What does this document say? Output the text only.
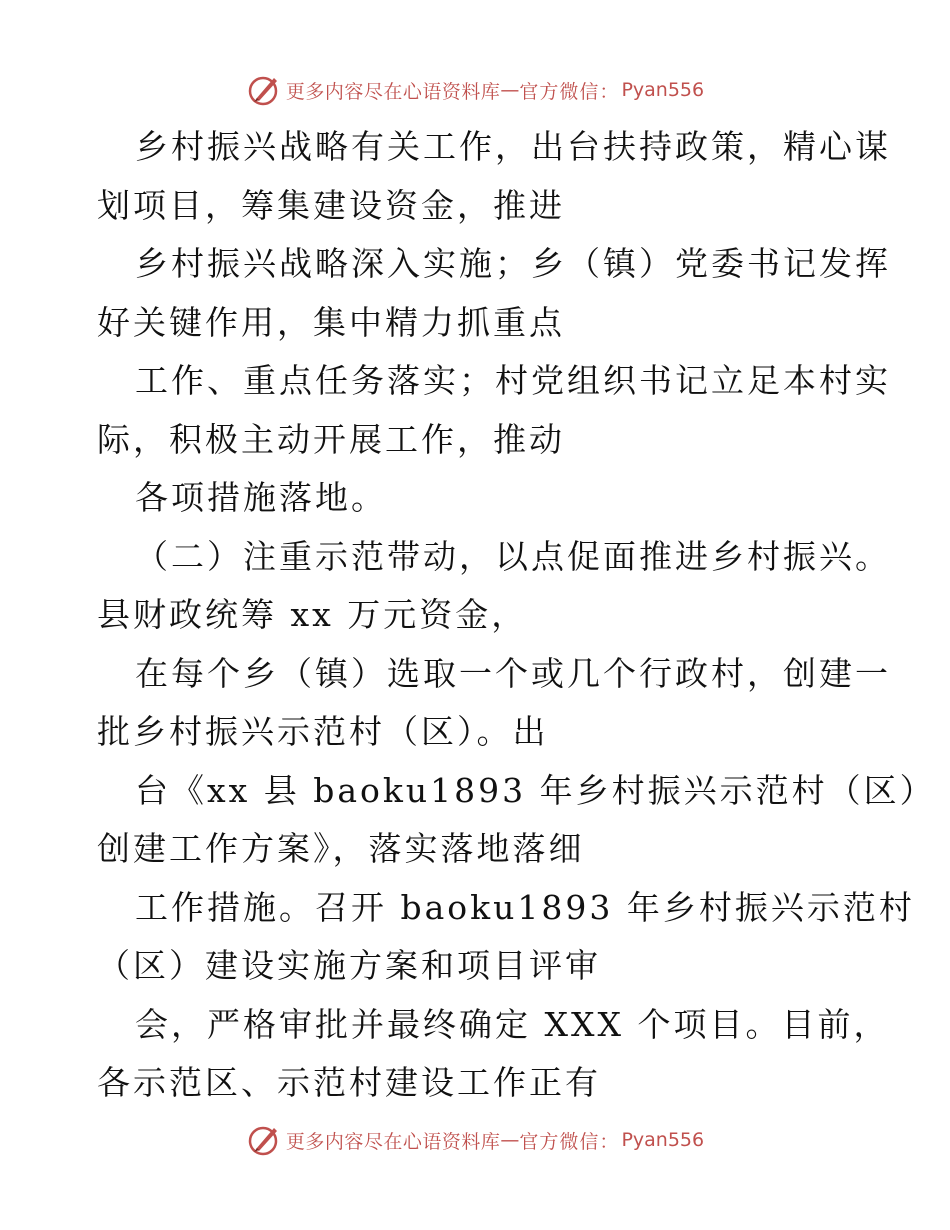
更多内容尽在心语资料库 — 官方微信： Pyan556
乡村振兴战略有关工作，出台扶持政策，精心谋
划项目，筹集建设资金，推进
乡村振兴战略深入实施；乡（镇）党委书记发挥
好关键作用，集中精力抓重点
工作、重点任务落实；村党组织书记立足本村实
际，积极主动开展工作，推动
各项措施落地。
（二）注重示范带动，以点促面推进乡村振兴。
县财政统筹 xx 万元资金，
在每个乡（镇）选取一个或几个行政村，创建一
批乡村振兴示范村（区）。出
台《xx 县 baoku1893 年乡村振兴示范村（区）
创建工作方案》，落实落地落细
工作措施。召开 baoku1893 年乡村振兴示范村
（区）建设实施方案和项目评审
会，严格审批并最终确定 XXX 个项目。目前，
各示范区、示范村建设工作正有
更多内容尽在心语资料库 — 官方微信： Pyan556
